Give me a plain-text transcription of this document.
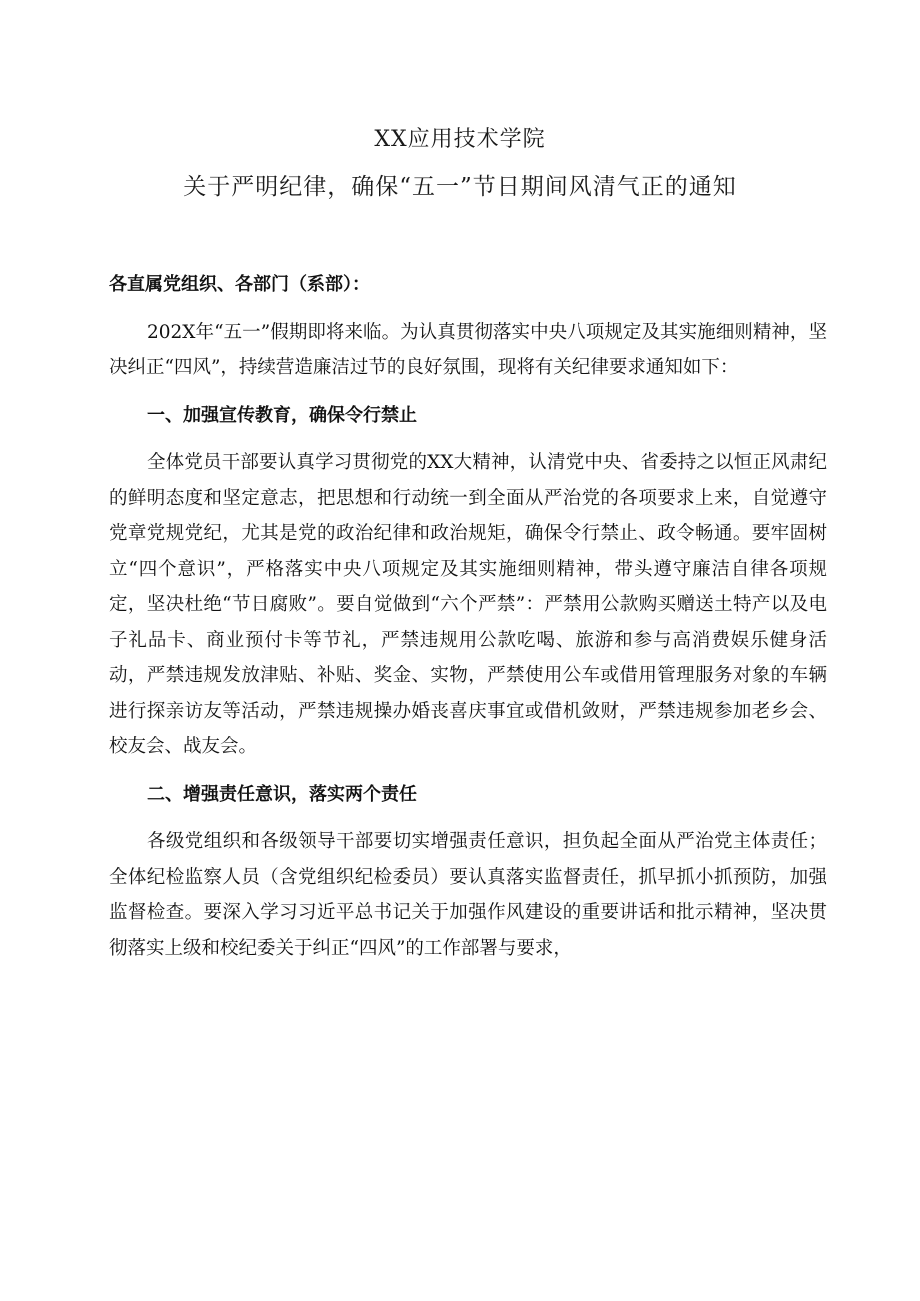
XX应用技术学院
关于严明纪律，确保“五一”节日期间风清气正的通知

各直属党组织、各部门（系部）：

202X年“五一”假期即将来临。为认真贯彻落实中央八项规定及其实施细则精神，坚决纠正“四风”，持续营造廉洁过节的良好氛围，现将有关纪律要求通知如下：

一、加强宣传教育，确保令行禁止

全体党员干部要认真学习贯彻党的XX大精神，认清党中央、省委持之以恒正风肃纪的鲜明态度和坚定意志，把思想和行动统一到全面从严治党的各项要求上来，自觉遵守党章党规党纪，尤其是党的政治纪律和政治规矩，确保令行禁止、政令畅通。要牢固树立“四个意识”，严格落实中央八项规定及其实施细则精神，带头遵守廉洁自律各项规定，坚决杜绝“节日腐败”。要自觉做到“六个严禁”：严禁用公款购买赠送土特产以及电子礼品卡、商业预付卡等节礼，严禁违规用公款吃喝、旅游和参与高消费娱乐健身活动，严禁违规发放津贴、补贴、奖金、实物，严禁使用公车或借用管理服务对象的车辆进行探亲访友等活动，严禁违规操办婚丧喜庆事宜或借机敛财，严禁违规参加老乡会、校友会、战友会。

二、增强责任意识，落实两个责任

各级党组织和各级领导干部要切实增强责任意识，担负起全面从严治党主体责任；全体纪检监察人员（含党组织纪检委员）要认真落实监督责任，抓早抓小抓预防，加强监督检查。要深入学习习近平总书记关于加强作风建设的重要讲话和批示精神，坚决贯彻落实上级和校纪委关于纠正“四风”的工作部署与要求，
